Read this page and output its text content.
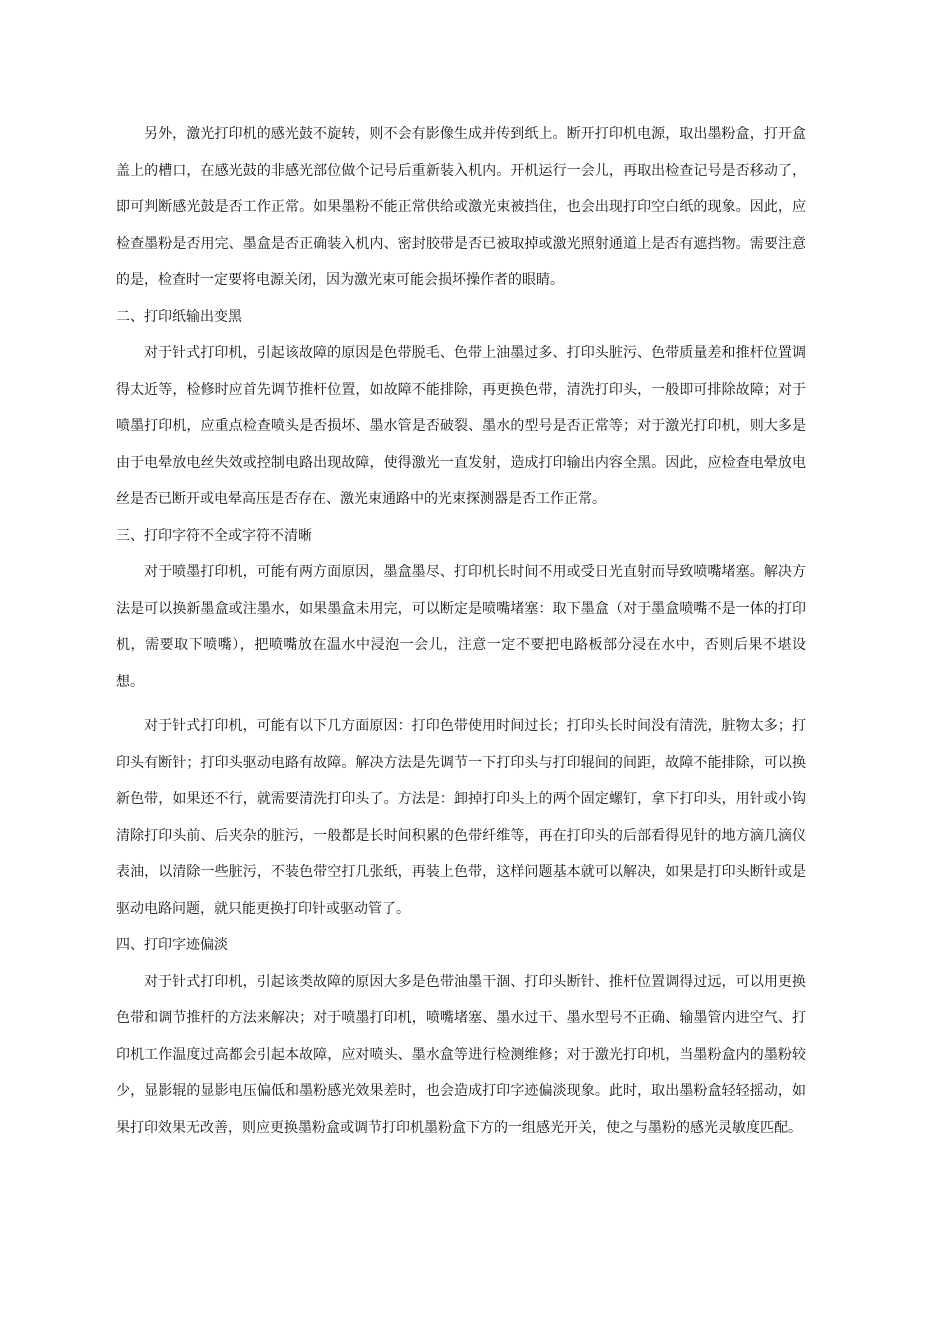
另外，激光打印机的感光鼓不旋转，则不会有影像生成并传到纸上。断开打印机电源，取出墨粉盒，打开盒盖上的槽口，在感光鼓的非感光部位做个记号后重新装入机内。开机运行一会儿，再取出检查记号是否移动了，即可判断感光鼓是否工作正常。如果墨粉不能正常供给或激光束被挡住，也会出现打印空白纸的现象。因此，应检查墨粉是否用完、墨盒是否正确装入机内、密封胶带是否已被取掉或激光照射通道上是否有遮挡物。需要注意的是，检查时一定要将电源关闭，因为激光束可能会损坏操作者的眼睛。

二、打印纸输出变黑

对于针式打印机，引起该故障的原因是色带脱毛、色带上油墨过多、打印头脏污、色带质量差和推杆位置调得太近等，检修时应首先调节推杆位置，如故障不能排除，再更换色带，清洗打印头，一般即可排除故障；对于喷墨打印机，应重点检查喷头是否损坏、墨水管是否破裂、墨水的型号是否正常等；对于激光打印机，则大多是由于电晕放电丝失效或控制电路出现故障，使得激光一直发射，造成打印输出内容全黑。因此，应检查电晕放电丝是否已断开或电晕高压是否存在、激光束通路中的光束探测器是否工作正常。

三、打印字符不全或字符不清晰

对于喷墨打印机，可能有两方面原因，墨盒墨尽、打印机长时间不用或受日光直射而导致喷嘴堵塞。解决方法是可以换新墨盒或注墨水，如果墨盒未用完，可以断定是喷嘴堵塞：取下墨盒（对于墨盒喷嘴不是一体的打印机，需要取下喷嘴），把喷嘴放在温水中浸泡一会儿，注意一定不要把电路板部分浸在水中，否则后果不堪设想。

对于针式打印机，可能有以下几方面原因：打印色带使用时间过长；打印头长时间没有清洗，脏物太多；打印头有断针；打印头驱动电路有故障。解决方法是先调节一下打印头与打印辊间的间距，故障不能排除，可以换新色带，如果还不行，就需要清洗打印头了。方法是：卸掉打印头上的两个固定螺钉，拿下打印头，用针或小钩清除打印头前、后夹杂的脏污，一般都是长时间积累的色带纤维等，再在打印头的后部看得见针的地方滴几滴仪表油，以清除一些脏污，不装色带空打几张纸，再装上色带，这样问题基本就可以解决，如果是打印头断针或是驱动电路问题，就只能更换打印针或驱动管了。

四、打印字迹偏淡

对于针式打印机，引起该类故障的原因大多是色带油墨干涸、打印头断针、推杆位置调得过远，可以用更换色带和调节推杆的方法来解决；对于喷墨打印机，喷嘴堵塞、墨水过干、墨水型号不正确、输墨管内进空气、打印机工作温度过高都会引起本故障，应对喷头、墨水盒等进行检测维修；对于激光打印机，当墨粉盒内的墨粉较少，显影辊的显影电压偏低和墨粉感光效果差时，也会造成打印字迹偏淡现象。此时，取出墨粉盒轻轻摇动，如果打印效果无改善，则应更换墨粉盒或调节打印机墨粉盒下方的一组感光开关，使之与墨粉的感光灵敏度匹配。
